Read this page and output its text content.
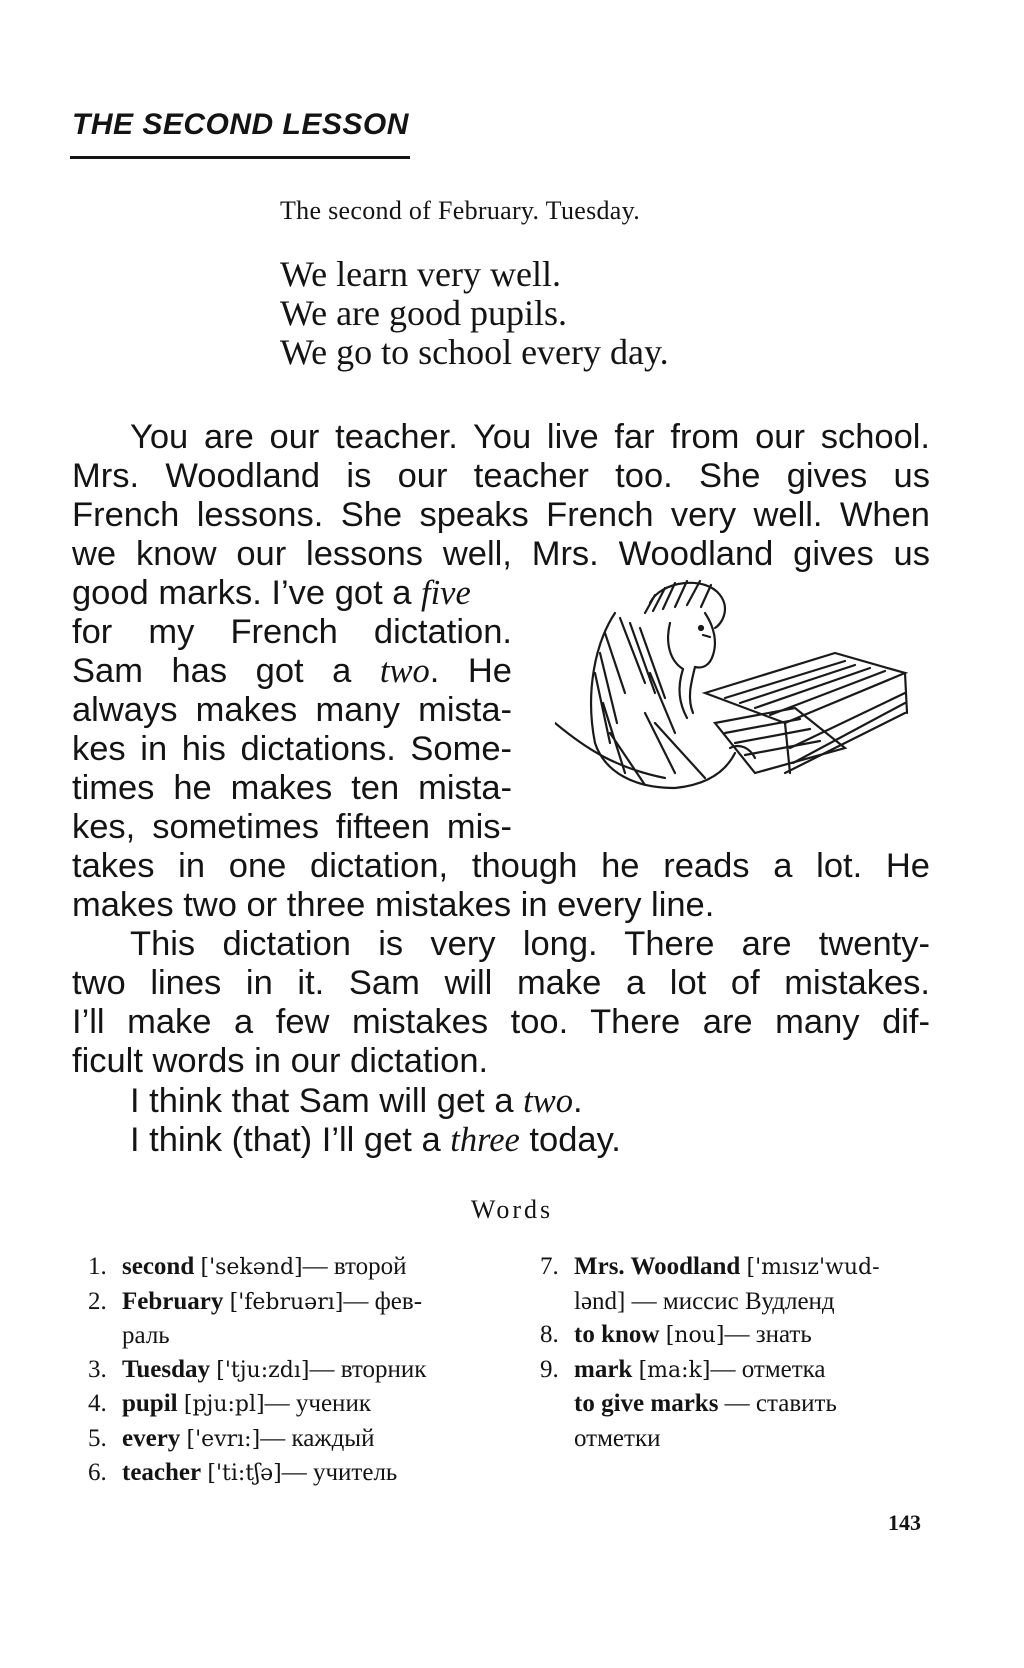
THE SECOND LESSON
The second of February. Tuesday.
We learn very well.
We are good pupils.
We go to school every day.
You are our teacher. You live far from our school.
Mrs. Woodland is our teacher too. She gives us
French lessons. She speaks French very well. When
we know our lessons well, Mrs. Woodland gives us
good marks. I’ve got a five
for my French dictation.
Sam has got a two. He
always makes many mista-
kes in his dictations. Some-
times he makes ten mista-
kes, sometimes fifteen mis-
takes in one dictation, though he reads a lot. He
makes two or three mistakes in every line.
This dictation is very long. There are twenty-
two lines in it. Sam will make a lot of mistakes.
I’ll make a few mistakes too. There are many dif-
ficult words in our dictation.
I think that Sam will get a two.
I think (that) I’ll get a three today.
Words
1. second ['sekənd]— второй
2. February ['februərı]— фев-
раль
3. Tuesday ['tju:zdı]— вторник
4. pupil [pju:pl]— ученик
5. every ['evrı:]— каждый
6. teacher ['ti:tʃə]— учитель
7. Mrs. Woodland ['mısız'wud-
lənd] — миссис Вудленд
8. to know [nou]— знать
9. mark [ma:k]— отметка
to give marks — ставить
отметки
143
